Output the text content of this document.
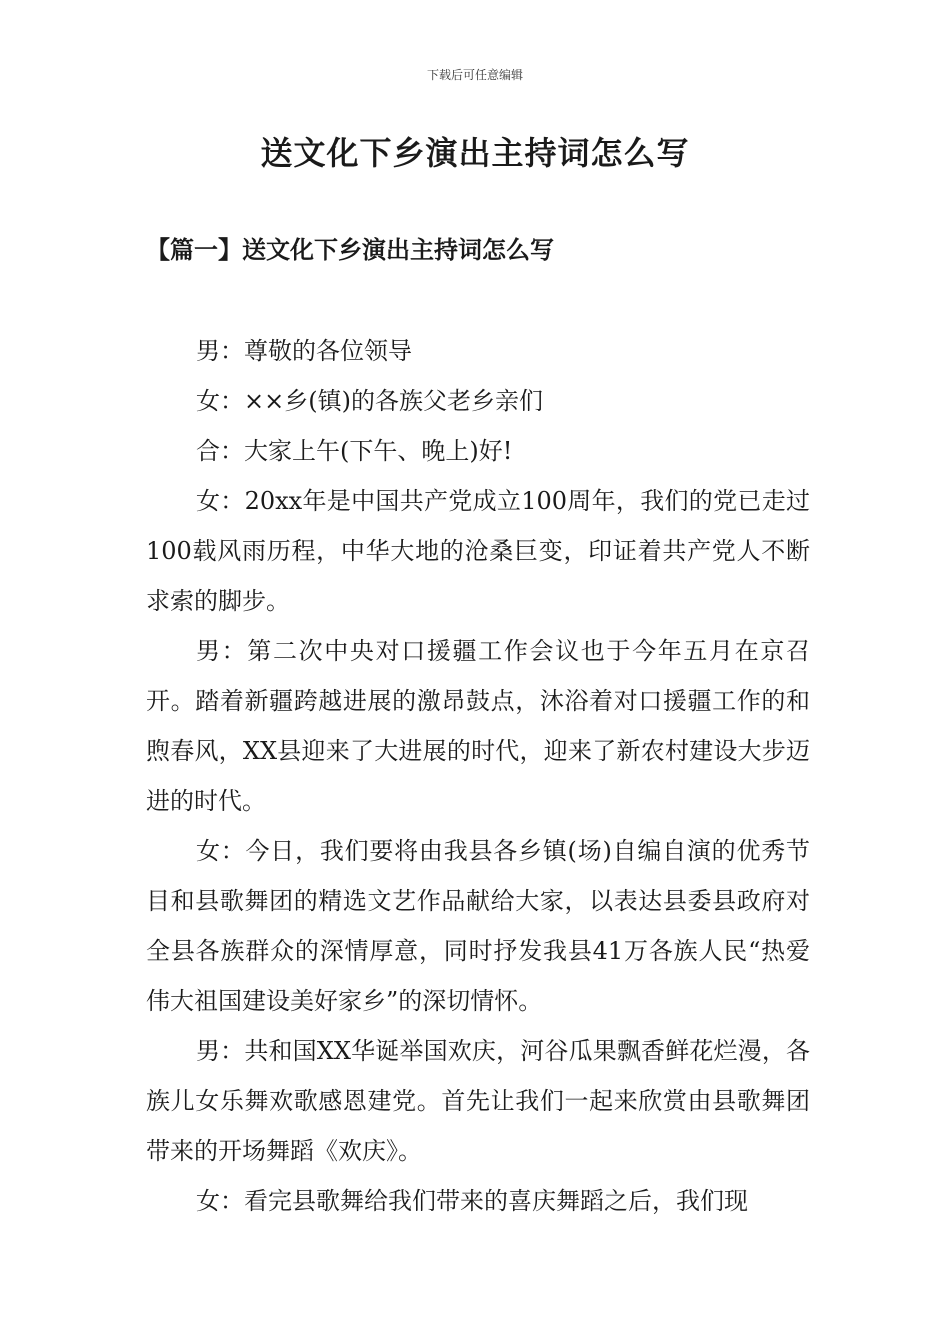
下载后可任意编辑
送文化下乡演出主持词怎么写
【篇一】送文化下乡演出主持词怎么写

男：尊敬的各位领导

女：××乡(镇)的各族父老乡亲们

合：大家上午(下午、晚上)好!

女：20xx年是中国共产党成立100周年，我们的党已走过100载风雨历程，中华大地的沧桑巨变，印证着共产党人不断求索的脚步。

男：第二次中央对口援疆工作会议也于今年五月在京召开。踏着新疆跨越进展的激昂鼓点，沐浴着对口援疆工作的和煦春风，XX县迎来了大进展的时代，迎来了新农村建设大步迈进的时代。

女：今日，我们要将由我县各乡镇(场)自编自演的优秀节目和县歌舞团的精选文艺作品献给大家，以表达县委县政府对全县各族群众的深情厚意，同时抒发我县41万各族人民“热爱伟大祖国建设美好家乡”的深切情怀。

男：共和国XX华诞举国欢庆，河谷瓜果飘香鲜花烂漫，各族儿女乐舞欢歌感恩建党。首先让我们一起来欣赏由县歌舞团带来的开场舞蹈《欢庆》。

女：看完县歌舞给我们带来的喜庆舞蹈之后，我们现
